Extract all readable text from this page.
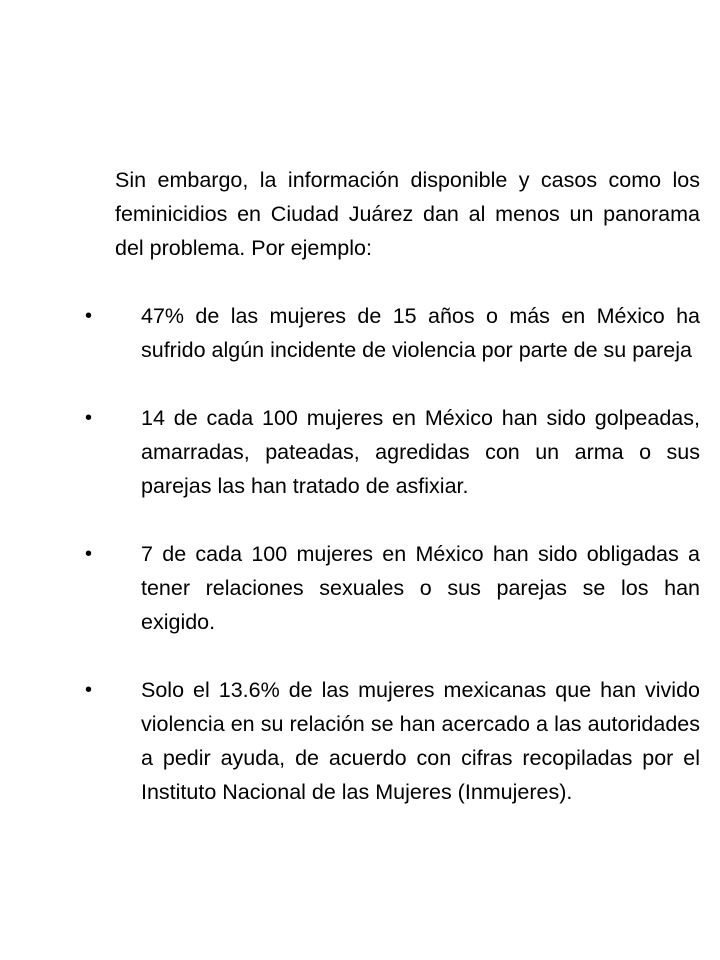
Sin embargo, la información disponible y casos como los feminicidios en Ciudad Juárez dan al menos un panorama del problema. Por ejemplo:

•	47% de las mujeres de 15 años o más en México ha sufrido algún incidente de violencia por parte de su pareja
•	14 de cada 100 mujeres en México han sido golpeadas, amarradas, pateadas, agredidas con un arma o sus parejas las han tratado de asfixiar.
•	7 de cada 100 mujeres en México han sido obligadas a tener relaciones sexuales o sus parejas se los han exigido.
•	Solo el 13.6% de las mujeres mexicanas que han vivido violencia en su relación se han acercado a las autoridades a pedir ayuda, de acuerdo con cifras recopiladas por el Instituto Nacional de las Mujeres (Inmujeres).
